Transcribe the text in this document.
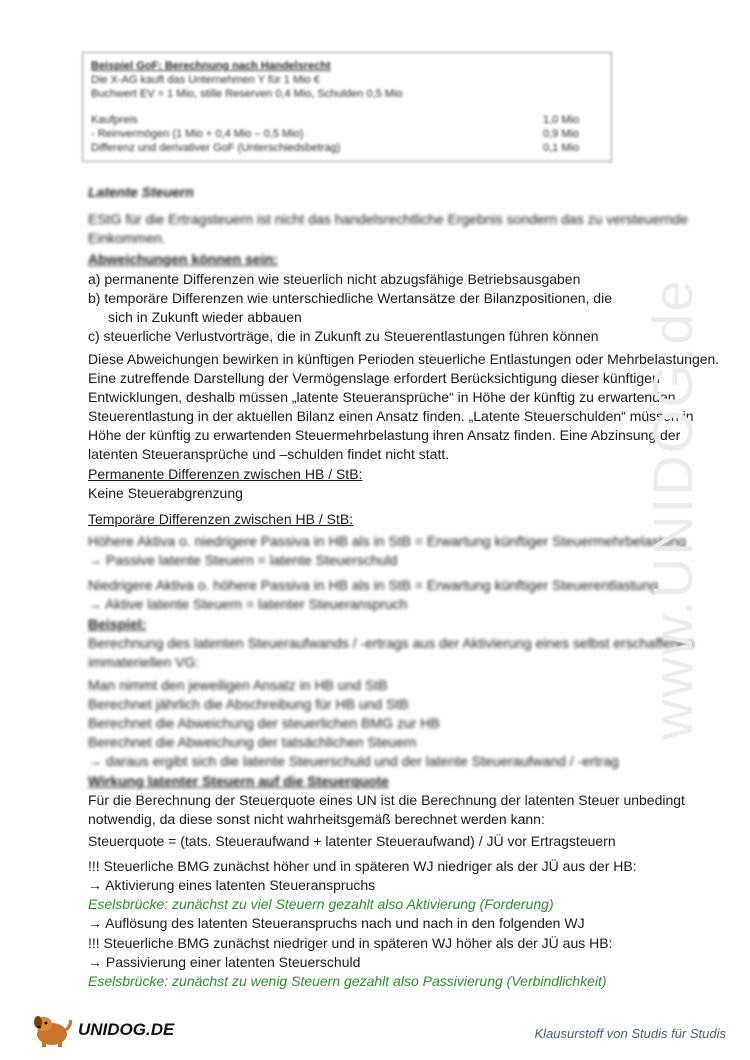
Beispiel GoF: Berechnung nach Handelsrecht
Die X-AG kauft das Unternehmen Y für 1 Mio €
Buchwert EV = 1 Mio, stille Reserven 0,4 Mio, Schulden 0,5 Mio
Kaufpreis	1,0 Mio
- Reinvermögen (1 Mio + 0,4 Mio – 0,5 Mio)	0,9 Mio
Differenz und derivativer GoF (Unterschiedsbetrag)	0,1 Mio
Latente Steuern
EStG für die Ertragsteuern ist nicht das handelsrechtliche Ergebnis sondern das zu versteuernde Einkommen.
Abweichungen können sein:
a) permanente Differenzen wie steuerlich nicht abzugsfähige Betriebsausgaben
b) temporäre Differenzen wie unterschiedliche Wertansätze der Bilanzpositionen, die
sich in Zukunft wieder abbauen
c) steuerliche Verlustvorträge, die in Zukunft zu Steuerentlastungen führen können
Diese Abweichungen bewirken in künftigen Perioden steuerliche Entlastungen oder Mehrbelastungen. Eine zutreffende Darstellung der Vermögenslage erfordert Berücksichtigung dieser künftigen Entwicklungen, deshalb müssen „latente Steueransprüche“ in Höhe der künftig zu erwartenden Steuerentlastung in der aktuellen Bilanz einen Ansatz finden. „Latente Steuerschulden“ müssen in Höhe der künftig zu erwartenden Steuermehrbelastung ihren Ansatz finden. Eine Abzinsung der latenten Steueransprüche und –schulden findet nicht statt.
Permanente Differenzen zwischen HB / StB:
Keine Steuerabgrenzung
Temporäre Differenzen zwischen HB / StB:
Höhere Aktiva o. niedrigere Passiva in HB als in StB = Erwartung künftiger Steuermehrbelastung
→ Passive latente Steuern = latente Steuerschuld
Niedrigere Aktiva o. höhere Passiva in HB als in StB = Erwartung künftiger Steuerentlastung
→ Aktive latente Steuern = latenter Steueranspruch
Beispiel:
Berechnung des latenten Steueraufwands / -ertrags aus der Aktivierung eines selbst erschaffenen immateriellen VG:
Man nimmt den jeweiligen Ansatz in HB und StB
Berechnet jährlich die Abschreibung für HB und StB
Berechnet die Abweichung der steuerlichen BMG zur HB
Berechnet die Abweichung der tatsächlichen Steuern
→ daraus ergibt sich die latente Steuerschuld und der latente Steueraufwand / -ertrag
Wirkung latenter Steuern auf die Steuerquote
Für die Berechnung der Steuerquote eines UN ist die Berechnung der latenten Steuer unbedingt notwendig, da diese sonst nicht wahrheitsgemäß berechnet werden kann:
Steuerquote = (tats. Steueraufwand + latenter Steueraufwand) / JÜ vor Ertragsteuern
!!! Steuerliche BMG zunächst höher und in späteren WJ niedriger als der JÜ aus der HB:
→ Aktivierung eines latenten Steueranspruchs
Eselsbrücke: zunächst zu viel Steuern gezahlt also Aktivierung (Forderung)
→ Auflösung des latenten Steueranspruchs nach und nach in den folgenden WJ
!!! Steuerliche BMG zunächst niedriger und in späteren WJ höher als der JÜ aus HB:
→ Passivierung einer latenten Steuerschuld
Eselsbrücke: zunächst zu wenig Steuern gezahlt also Passivierung (Verbindlichkeit)
www.UNIDOG.de
UNIDOG.DE	Klausurstoff von Studis für Studis
